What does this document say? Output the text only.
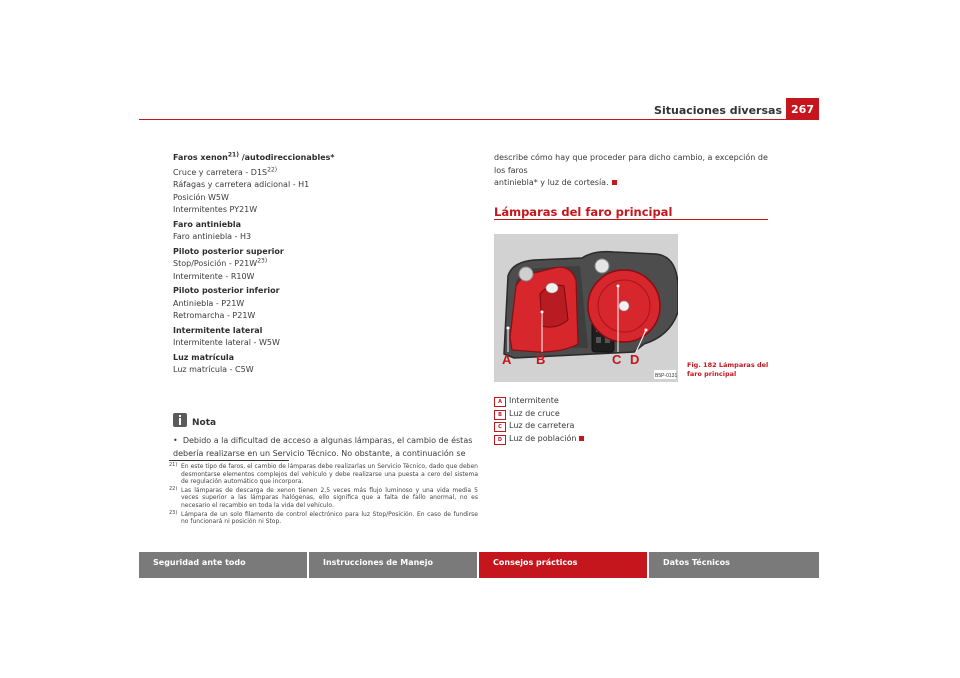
Situaciones diversas 267
Faros xenon$^{21)}$ /autodireccionables*
Cruce y carretera - $D1S^{22)}$
Ráfagas y carretera adicional - H1
Posición W5W
Intermitentes PY21W
Faro antiniebla
Faro antiniebla - H3
Piloto posterior superior
Stop/Posición - $P21W^{23)}$
Intermitente - R10W
Piloto posterior inferior
Antiniebla - P21W
Retromarcha - P21W
Intermitente lateral
Intermitente lateral - W5W
Luz matrícula
Luz matrícula - C5W
Nota
• Debido a la dificultad de acceso a algunas lámparas, el cambio de éstas
debería realizarse en un Servicio Técnico. No obstante, a continuación se
21) En este tipo de faros, el cambio de lámparas debe realizarlas un Servicio Técnico, dado que deben desmontarse elementos complejos del vehículo y debe realizarse una puesta a cero del sistema de regulación automático que incorpora.
22) Las lámparas de descarga de xenon tienen 2,5 veces más flujo luminoso y una vida media 5 veces superior a las lámparas halógenas, ello significa que a falta de fallo anormal, no es necesario el recambio en toda la vida del vehículo.
23) Lámpara de un solo filamento de control electrónico para luz Stop/Posición. En caso de fundirse no funcionará ni posición ni Stop.
describe cómo hay que proceder para dicho cambio, a excepción de los faros
antiniebla* y luz de cortesía.
Lámparas del faro principal
A B	C D
B5P-0131
Fig. 182 Lámparas del faro principal
A Intermitente
B Luz de cruce
C Luz de carretera
D Luz de población
Seguridad ante todo	Instrucciones de Manejo	Consejos prácticos	Datos Técnicos
